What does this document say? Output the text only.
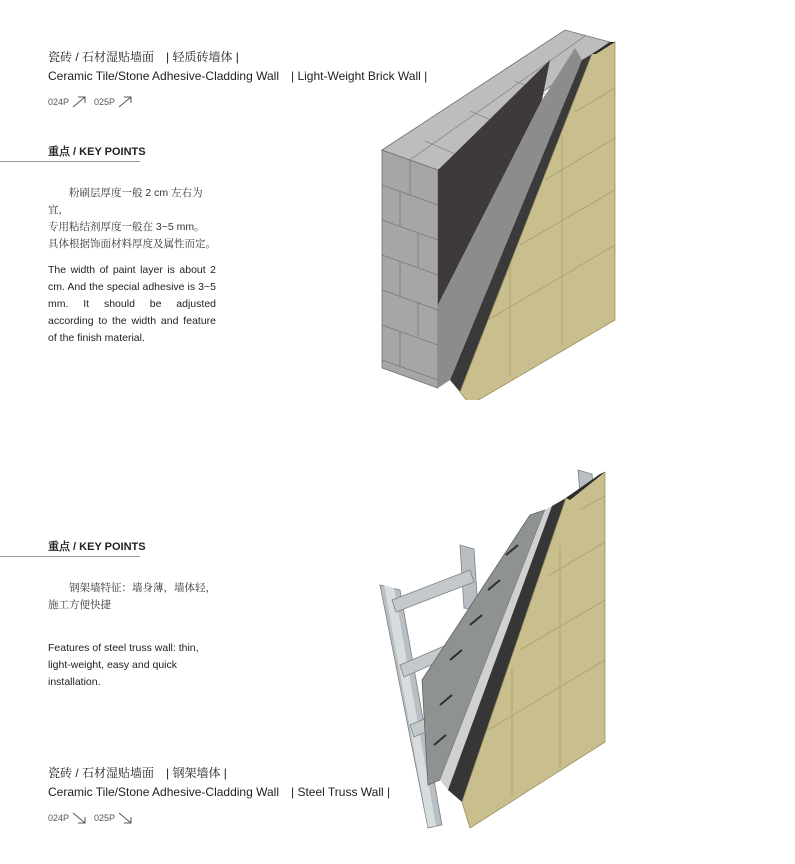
瓷砖 / 石材湿贴墙面　| 轻质砖墙体 |
Ceramic Tile/Stone Adhesive-Cladding Wall　| Light-Weight Brick Wall |
024P	025P
重点 / KEY POINTS
粉刷层厚度一般 2 cm 左右为宜，
专用粘结剂厚度一般在 3~5 mm。
具体根据饰面材料厚度及属性而定。
The width of paint layer is about 2 cm. And the special adhesive is 3~5 mm. It should be adjusted according to the width and feature of the finish material.
重点 / KEY POINTS
钢架墙特征：墙身薄，墙体轻，
施工方便快捷
Features of steel truss wall: thin, light-weight, easy and quick installation.
瓷砖 / 石材湿贴墙面　| 钢架墙体 |
Ceramic Tile/Stone Adhesive-Cladding Wall　| Steel Truss Wall |
024P	025P
